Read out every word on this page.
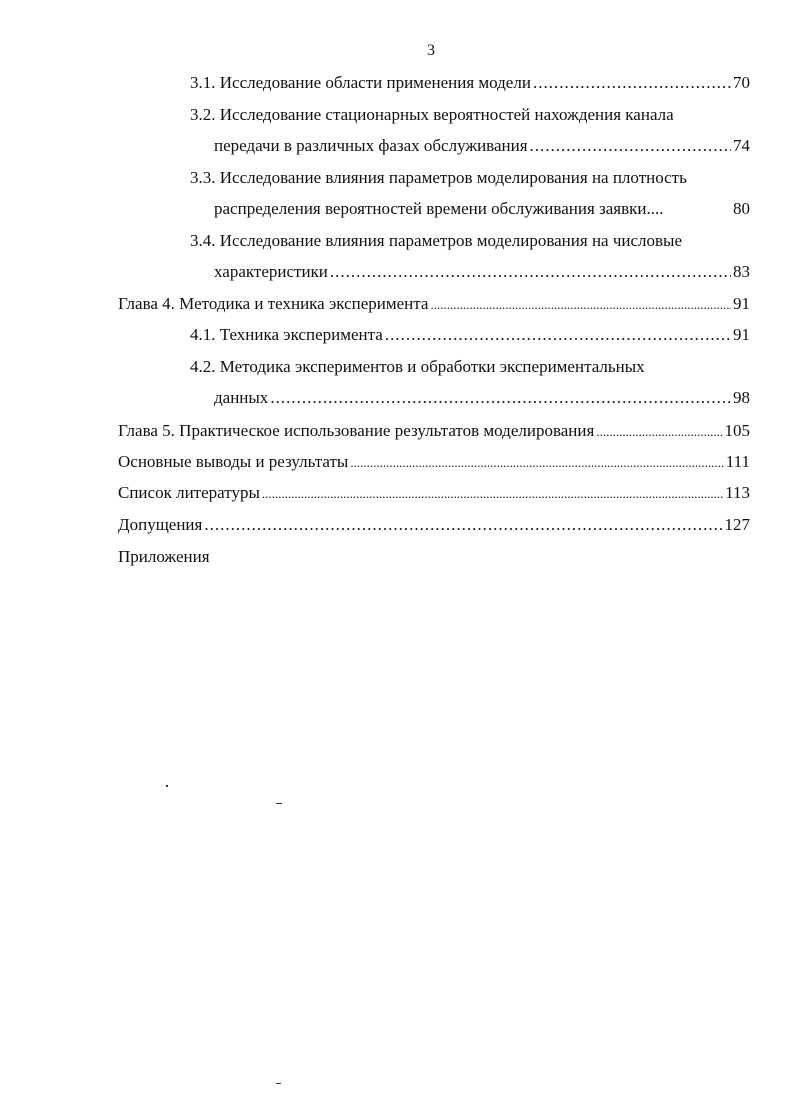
3
3.1. Исследование области применения модели .....	70
3.2. Исследование стационарных вероятностей нахождения канала
передачи в различных фазах обслуживания .....	74
3.3. Исследование влияния параметров моделирования на плотность
распределения вероятностей времени обслуживания заявки....	80
3.4. Исследование влияния параметров моделирования на числовые
характеристики .....	83
Глава 4. Методика и техника эксперимента .....	91
4.1. Техника эксперимента .....	91
4.2. Методика экспериментов и обработки экспериментальных
данных .....	98
Глава 5. Практическое использование результатов моделирования .....	105
Основные выводы и результаты .....	111
Список литературы .....	113
Допущения .....	127
Приложения
